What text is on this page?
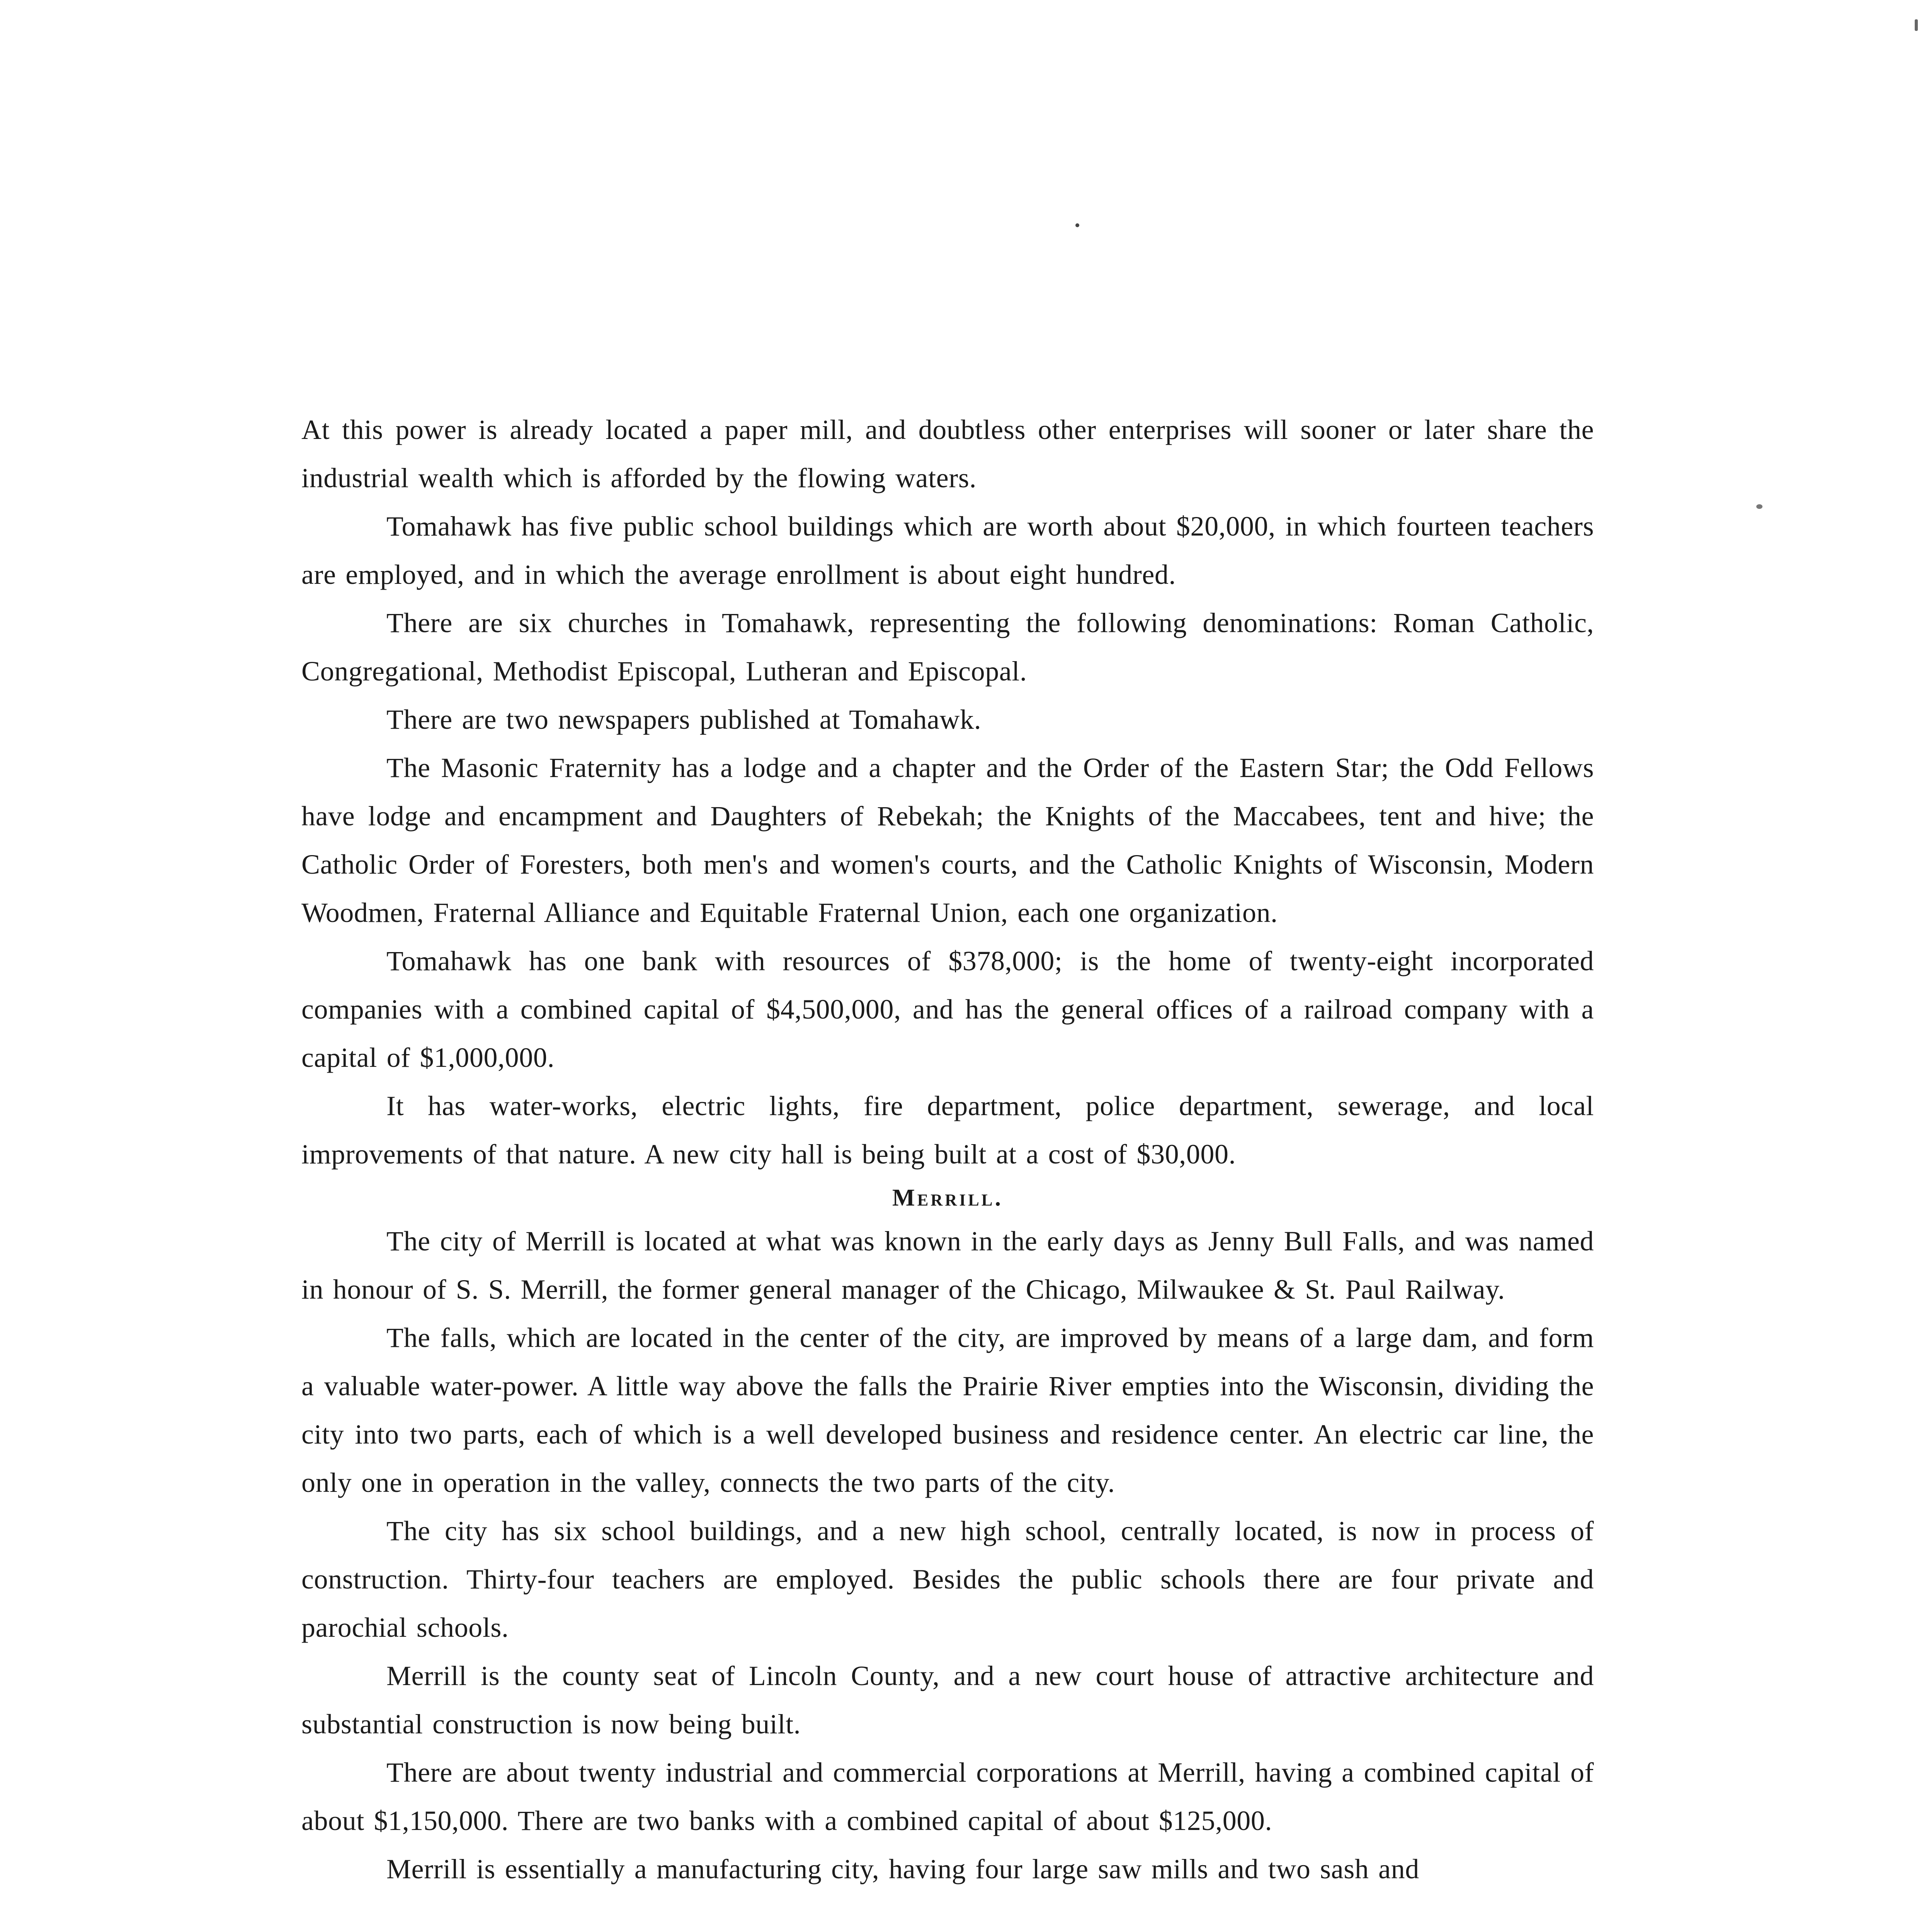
At this power is already located a paper mill, and doubtless other enterprises will sooner or later share the industrial wealth which is afforded by the flowing waters.

Tomahawk has five public school buildings which are worth about $20,000, in which fourteen teachers are employed, and in which the average enrollment is about eight hundred.

There are six churches in Tomahawk, representing the following denominations: Roman Catholic, Congregational, Methodist Episcopal, Lutheran and Episcopal.

There are two newspapers published at Tomahawk.

The Masonic Fraternity has a lodge and a chapter and the Order of the Eastern Star; the Odd Fellows have lodge and encampment and Daughters of Rebekah; the Knights of the Maccabees, tent and hive; the Catholic Order of Foresters, both men's and women's courts, and the Catholic Knights of Wisconsin, Modern Woodmen, Fraternal Alliance and Equitable Fraternal Union, each one organization.

Tomahawk has one bank with resources of $378,000; is the home of twenty-eight incorporated companies with a combined capital of $4,500,000, and has the general offices of a railroad company with a capital of $1,000,000.

It has water-works, electric lights, fire department, police department, sewerage, and local improvements of that nature. A new city hall is being built at a cost of $30,000.

Merrill.

The city of Merrill is located at what was known in the early days as Jenny Bull Falls, and was named in honour of S. S. Merrill, the former general manager of the Chicago, Milwaukee & St. Paul Railway.

The falls, which are located in the center of the city, are improved by means of a large dam, and form a valuable water-power. A little way above the falls the Prairie River empties into the Wisconsin, dividing the city into two parts, each of which is a well developed business and residence center. An electric car line, the only one in operation in the valley, connects the two parts of the city.

The city has six school buildings, and a new high school, centrally located, is now in process of construction. Thirty-four teachers are employed. Besides the public schools there are four private and parochial schools.

Merrill is the county seat of Lincoln County, and a new court house of attractive architecture and substantial construction is now being built.

There are about twenty industrial and commercial corporations at Merrill, having a combined capital of about $1,150,000. There are two banks with a combined capital of about $125,000.

Merrill is essentially a manufacturing city, having four large saw mills and two sash and
